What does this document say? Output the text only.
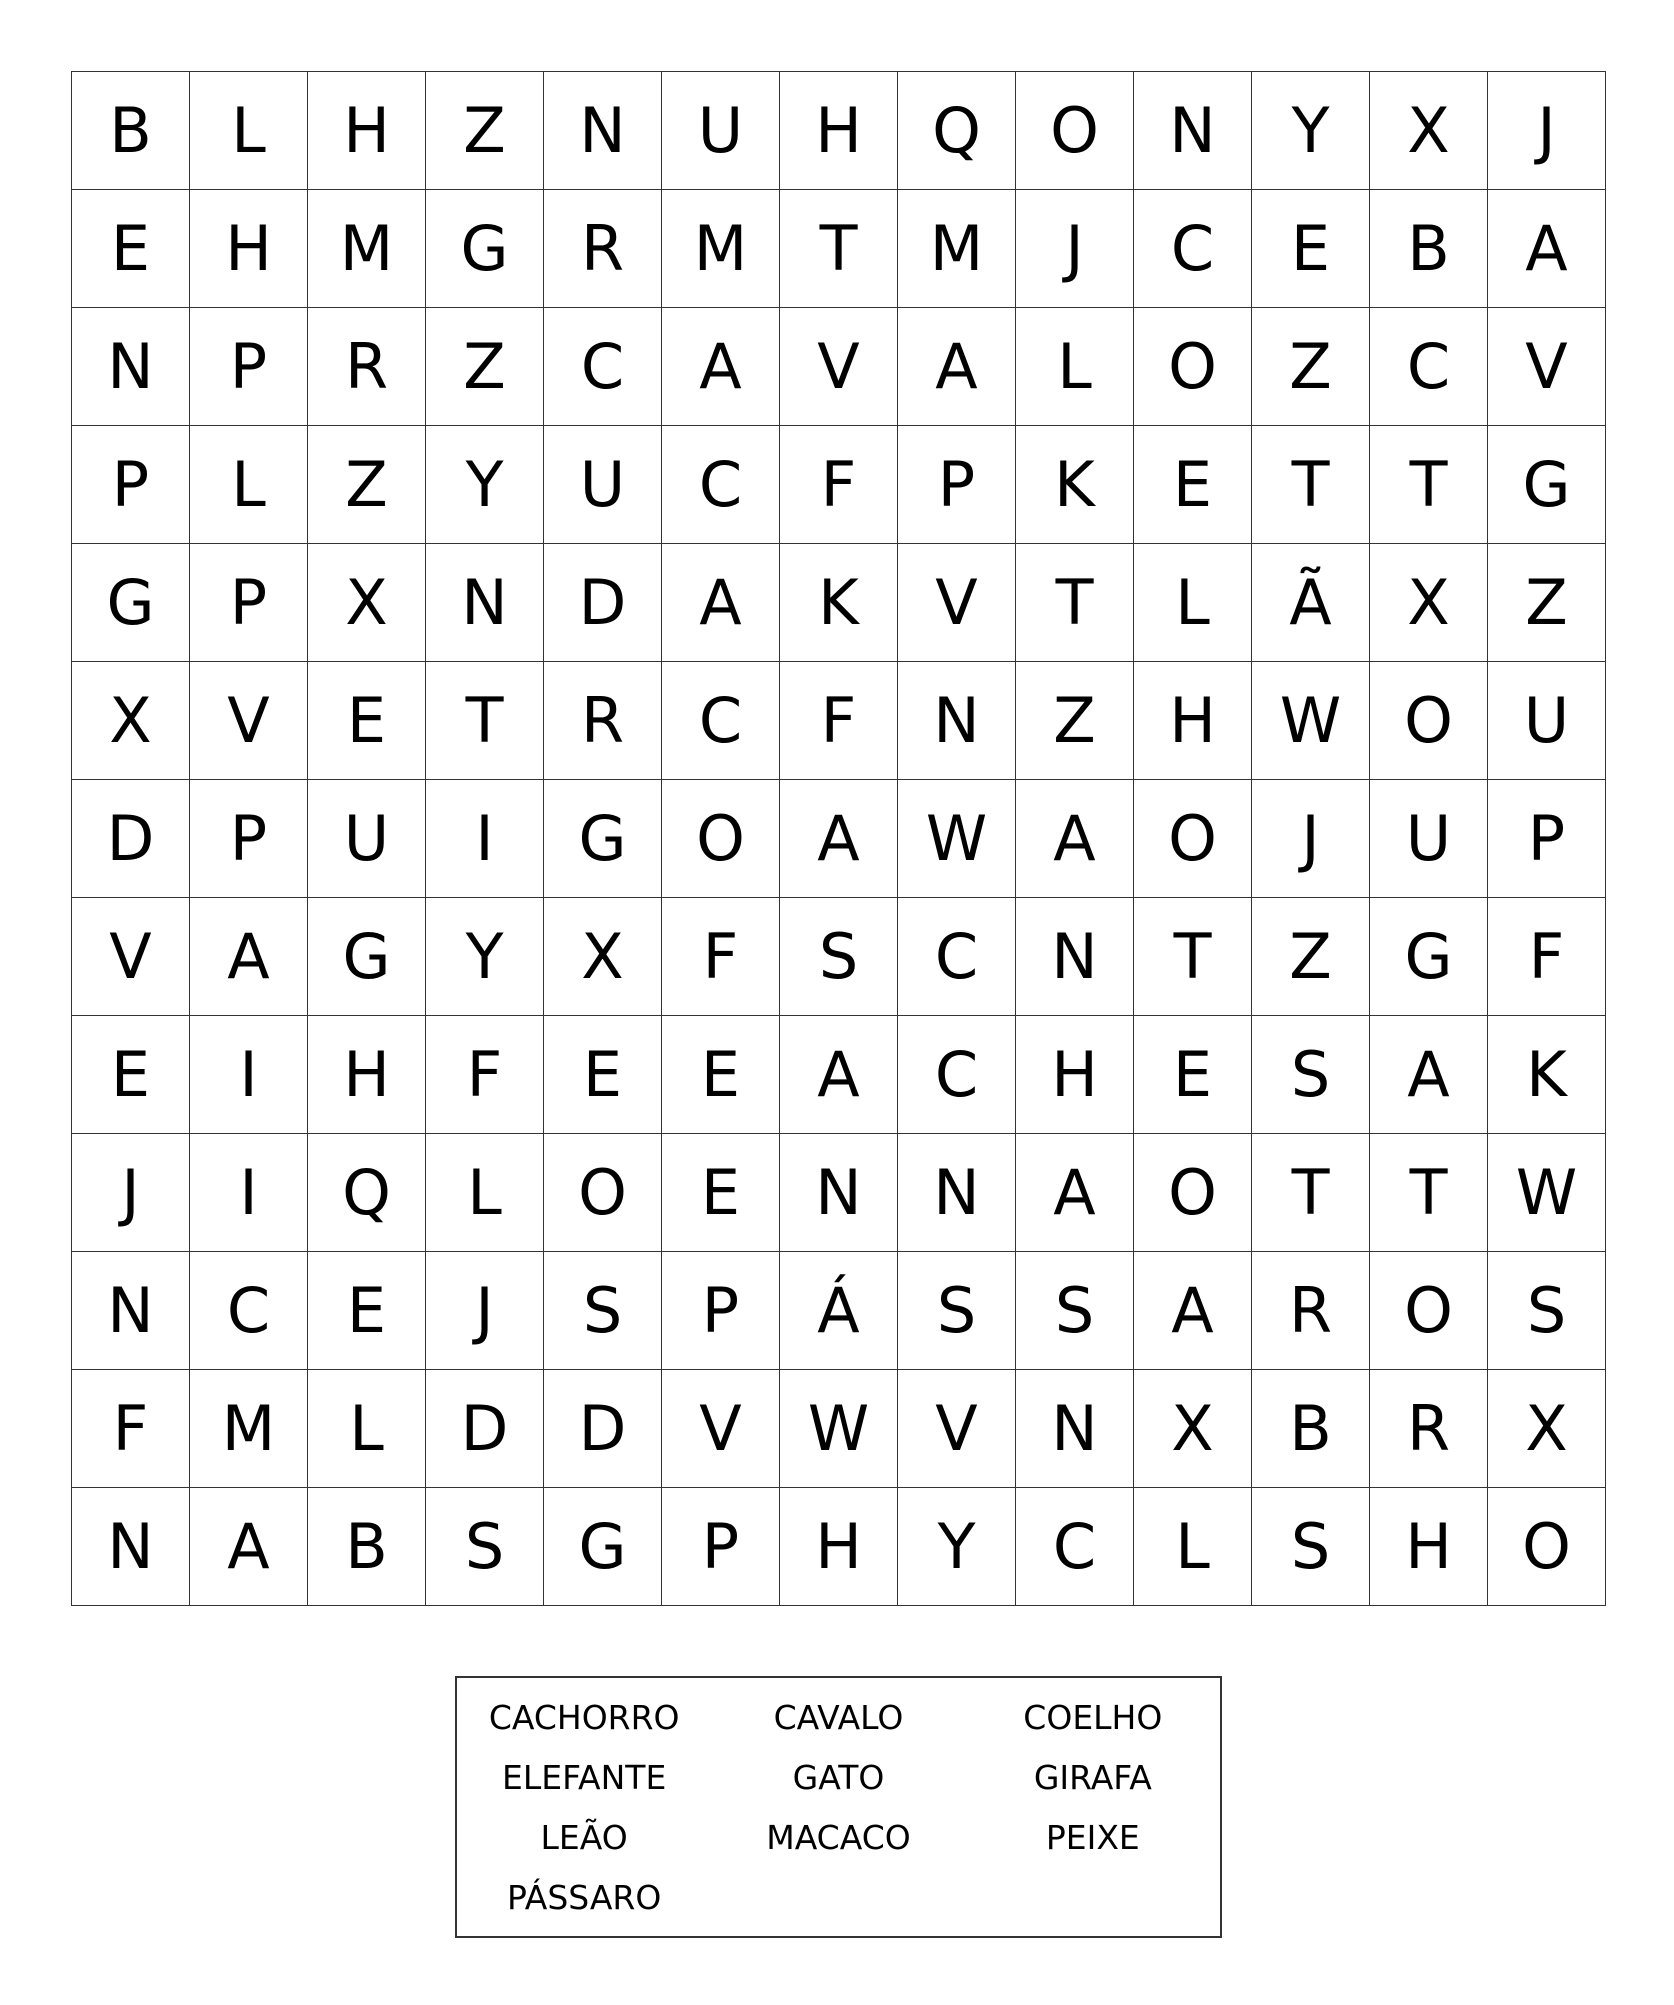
B	L	H	Z	N	U	H	Q	O	N	Y	X	J
E	H	M	G	R	M	T	M	J	C	E	B	A
N	P	R	Z	C	A	V	A	L	O	Z	C	V
P	L	Z	Y	U	C	F	P	K	E	T	T	G
G	P	X	N	D	A	K	V	T	L	Ã	X	Z
X	V	E	T	R	C	F	N	Z	H	W	O	U
D	P	U	I	G	O	A	W	A	O	J	U	P
V	A	G	Y	X	F	S	C	N	T	Z	G	F
E	I	H	F	E	E	A	C	H	E	S	A	K
J	I	Q	L	O	E	N	N	A	O	T	T	W
N	C	E	J	S	P	Á	S	S	A	R	O	S
F	M	L	D	D	V	W	V	N	X	B	R	X
N	A	B	S	G	P	H	Y	C	L	S	H	O
CACHORRO	CAVALO	COELHO
ELEFANTE	GATO	GIRAFA
LEÃO	MACACO	PEIXE
PÁSSARO
